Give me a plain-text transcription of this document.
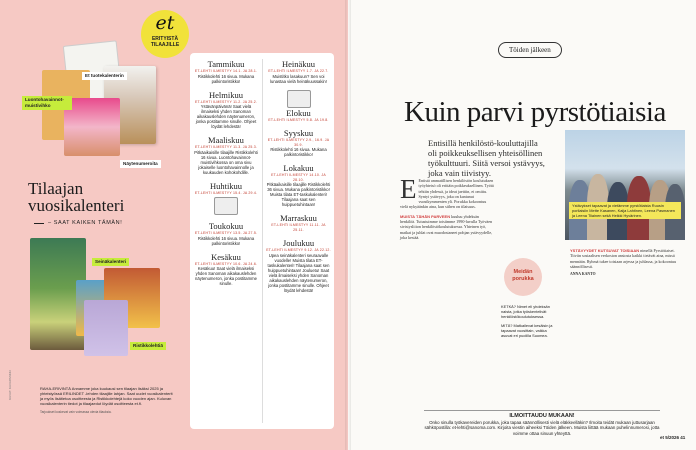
et
ERITYISTÄ TILAAJILLE
Et tuotekalenterin
Luontohavainnot-muistivihko
Näytenumeroita
Tilaajan vuosikalenteri
– SAAT KAIKEN TÄMÄN!
Seinäkalenteri
Ristikkolehtiä
RAHA-ERIVINTÄ Annamme joka kuukausi sen tilaajan lisäksi 2025 ja yhteistyössä ERILINDET -lehden tilaajille lahjan. Saat uudet vuosikalenterit ja myös lisätietoa osoitteesta ja Ristikkolehtejä koko vuoden ajan. Kuluvan vuosikalenterin tiedot ja tilaajaedut löydät osoitteesta et.fi.
Tarjoukset koskevat vain voimassa olevia tilauksia.
KUVAT: KUVAPANKKI
Tammikuu
ET-LEHTI ILMESTYY 14.1. JA 28.1.
Ristikkolehti 16 sivua. Mukana palkintoristikko!
Helmikuu
ET-LEHTI ILMESTYY 11.2. JA 25.2.
Ystävänpäivänä! Saat vielä ilmaiseksi yhden Sanoman aikakauslehden näytenumeron, jonka postitamme sinulle. Ohjeet löydät lehdestä!
Maaliskuu
ET-LEHTI ILMESTYY 11.3. JA 25.3.
Pitkäaikaisille tilaajille Ristikkolehti 16 sivua. Luontohavainnot-muistivihkossa on oma sivu jokaiselle luontohavainnolle ja kuukauden kohokohdille.
Huhtikuu
ET-LEHTI ILMESTYY 15.4. JA 29.4.
Toukokuu
ET-LEHTI ILMESTYY 13.5. JA 27.5.
Ristikkolehti 16 sivua. Mukana palkintoristikko!
Kesäkuu
ET-LEHTI ILMESTYY 10.6. JA 24.6.
Kesäkuu! Saat vielä ilmaiseksi yhden Sanoman aikakauslehden näytenumeron, jonka postitamme sinulle.
Heinäkuu
ET-LEHTI ILMESTYY 1.7. JA 22.7.
Muistitko lasakuun? Sen voi lunastaa vielä heinäkuussakin!
Elokuu
ET-LEHTI ILMESTYY 5.8. JA 19.8.
Syyskuu
ET-LEHTI ILMESTYY 2.9., 16.9. JA 30.9.
Ristikkolehti 16 sivua. Mukana palkintoristikko!
Lokakuu
ET-LEHTI ILMESTYY 14.10. JA 28.10.
Pitkäaikaisille tilaajille Ristikkolehti 36 sivua. Mukana palkintoristikko! Muista tilata ET-taskukalenteri! Tilaajana saat sen huippuetuhintaan!
Marraskuu
ET-LEHTI ILMESTYY 11.11. JA 25.11.
Joulukuu
ET-LEHTI ILMESTYY 9.12. JA 22.12.
Upea seinäkalenteri seuraavalle vuodelle! Muista tilata ET-taskukalenteri! Tilaajana saat sen huippuetuhintaan! Jouluetu! Saat vielä ilmaiseksi yhden Sanoman aikakauslehden näytenumeron, jonka postitamme sinulle. Ohjeet löydät lehdestä!
Töiden jälkeen
Kuin parvi pyrstötiaisia
Entisillä henkilöstö-kouluttajilla oli poikkeuksellisen yhteisöllinen työkulttuuri. Siitä versoi ystävyys, joka vain tiivistyy.
Ystävykset tapaavat ja vietämme pyrstötiaista Ruusin porilaisiin Mette Kasanen, Kaija Lahtinen, Leena Pasmanen ja Leena Tiiainen sekä Heikki Hyvärinen.
E Entistä ammatillisen henkilöstön koulutuksen työyhteisö oli erittäin poikkeuksellinen. Työtä tehtiin yhdessä, ja ideat jaettiin, ei omittu. Syntyi ystävyys, joka on kantanut vuosikymmenten yli. Porukka kokoontuu vielä nykyäänkin aina, kun siihen on tilaisuus.
MUISTA TÄHÄN PARVEEN kuuluu yhdeksän henkilöä. Tutustuimme toisiimme 1990-luvulla Työväen sivistysliiton henkilöstökoulutuksessa. Yhteinen työ, matkat ja juhlat ovat muodostaneet pohjan ystävyydelle, joka kestää.
Meidän porukka

KETKÄ? Nimet eli yhdeksän naista, jotka työskentelivät henkilöstökoulutuksessa.

MITÄ? Matkailevat kesäisin ja tapaavat vuosittain, vaikka asuvat eri puolilla Suomea.

YSTÄVYYDET KUTSUVAT TOISIAAN nimellä Pyrstötiaiset. Tiiviin sosiaalisen verkoston ansiosta kaikki tietävät aina, missä mennään. Ryhmä tukee toisiaan arjessa ja juhlassa, ja kokoontuu säännöllisesti.
ANNA KANTO
ILMOITTAUDU MUKAAN!
Onko sinulla työkavereiden porukka, joka tapaa säännöllisesti vielä eläkkeelläkin? Ilmoita teidät mukaan juttusarjaan sähköpostilla: et-lehti@sanoma.com. Kirjoita viestin aiheeksi Töiden jälkeen. Muista liittää mukaan puhelinnumerosi, jotta voimme ottaa sinuun yhteyttä.
et 5/2026 41
